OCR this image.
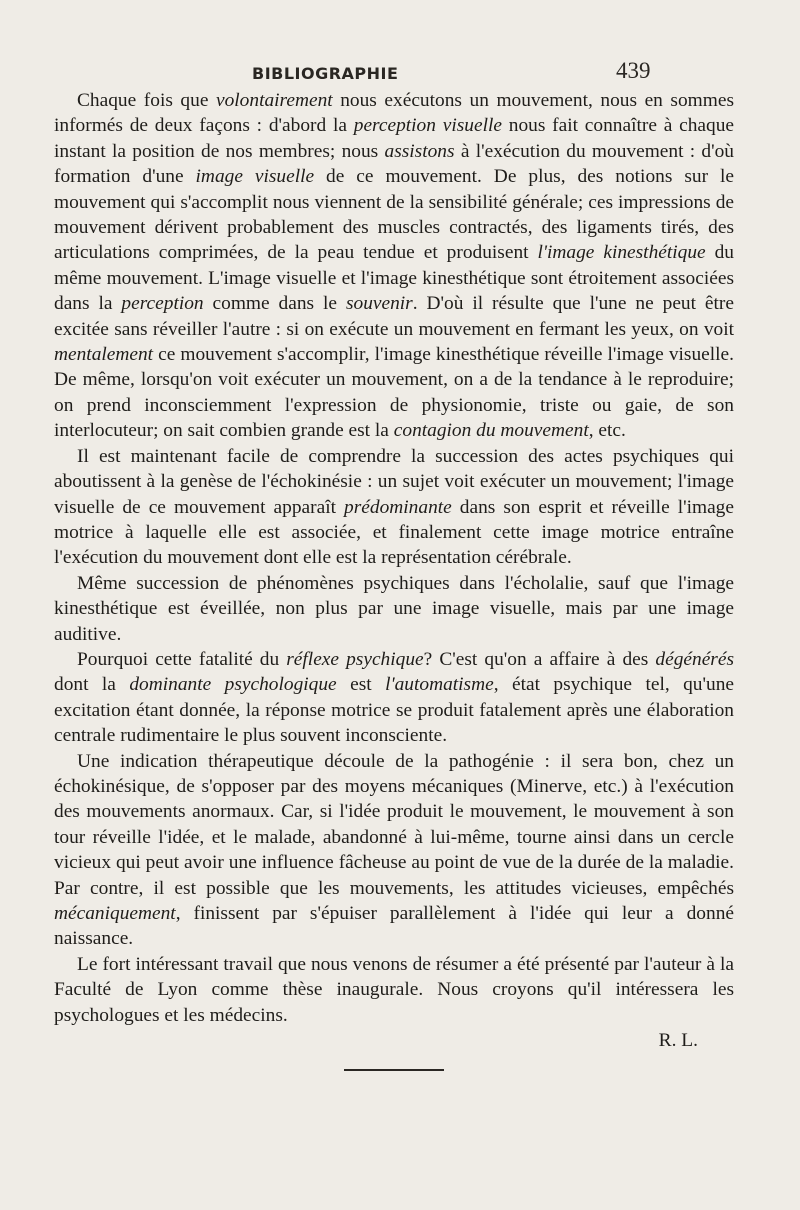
BIBLIOGRAPHIE	439

Chaque fois que volontairement nous exécutons un mouvement, nous en sommes informés de deux façons : d'abord la perception visuelle nous fait connaître à chaque instant la position de nos membres; nous assistons à l'exécution du mouvement : d'où formation d'une image visuelle de ce mouvement. De plus, des notions sur le mouvement qui s'accomplit nous viennent de la sensibilité générale; ces impressions de mouvement dérivent probablement des muscles contractés, des ligaments tirés, des articulations comprimées, de la peau tendue et produisent l'image kinesthétique du même mouvement. L'image visuelle et l'image kinesthétique sont étroitement associées dans la perception comme dans le souvenir. D'où il résulte que l'une ne peut être excitée sans réveiller l'autre : si on exécute un mouvement en fermant les yeux, on voit mentalement ce mouvement s'accomplir, l'image kinesthétique réveille l'image visuelle. De même, lorsqu'on voit exécuter un mouvement, on a de la tendance à le reproduire; on prend inconsciemment l'expression de physionomie, triste ou gaie, de son interlocuteur; on sait combien grande est la contagion du mouvement, etc.

Il est maintenant facile de comprendre la succession des actes psychiques qui aboutissent à la genèse de l'échokinésie : un sujet voit exécuter un mouvement; l'image visuelle de ce mouvement apparaît prédominante dans son esprit et réveille l'image motrice à laquelle elle est associée, et finalement cette image motrice entraîne l'exécution du mouvement dont elle est la représentation cérébrale.

Même succession de phénomènes psychiques dans l'écholalie, sauf que l'image kinesthétique est éveillée, non plus par une image visuelle, mais par une image auditive.

Pourquoi cette fatalité du réflexe psychique? C'est qu'on a affaire à des dégénérés dont la dominante psychologique est l'automatisme, état psychique tel, qu'une excitation étant donnée, la réponse motrice se produit fatalement après une élaboration centrale rudimentaire le plus souvent inconsciente.

Une indication thérapeutique découle de la pathogénie : il sera bon, chez un échokinésique, de s'opposer par des moyens mécaniques (Minerve, etc.) à l'exécution des mouvements anormaux. Car, si l'idée produit le mouvement, le mouvement à son tour réveille l'idée, et le malade, abandonné à lui-même, tourne ainsi dans un cercle vicieux qui peut avoir une influence fâcheuse au point de vue de la durée de la maladie. Par contre, il est possible que les mouvements, les attitudes vicieuses, empêchés mécaniquement, finissent par s'épuiser parallèlement à l'idée qui leur a donné naissance.

Le fort intéressant travail que nous venons de résumer a été présenté par l'auteur à la Faculté de Lyon comme thèse inaugurale. Nous croyons qu'il intéressera les psychologues et les médecins.

R. L.
